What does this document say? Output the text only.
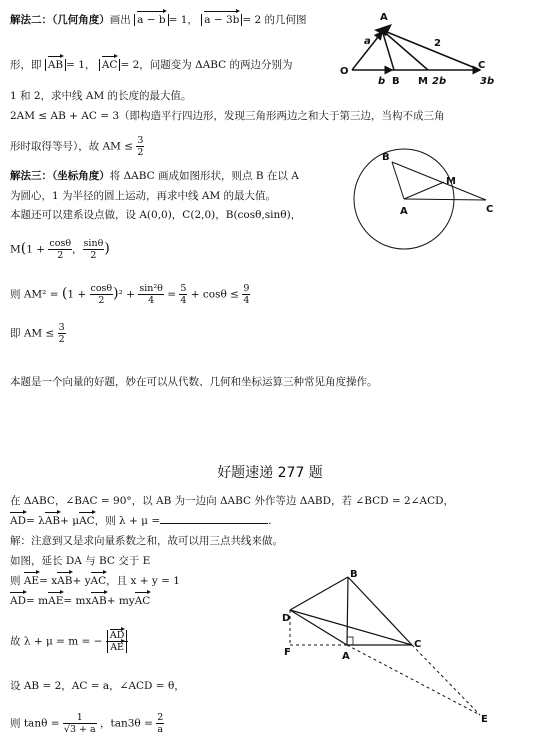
解法二：（几何角度）画出 a − b = 1， a − 3b = 2 的几何图
形，即 AB = 1， AC = 2，问题变为 ΔABC 的两边分别为
1 和 2，求中线 AM 的长度的最大值。
2AM ≤ AB + AC = 3（即构造平行四边形，发现三角形两边之和大于第三边，当构不成三角
形时取得等号），故 AM ≤ $\frac{3}{2}$
解法三：（坐标角度）将 ΔABC 画成如图形状，则点 B 在以 A
为圆心，1 为半径的圆上运动，再求中线 AM 的最大值。
本题还可以建系设点做，设 A(0,0)，C(2,0)，B(cosθ,sinθ)，
$M(1 + \frac{\cos\theta}{2}$ ， $\frac{\sin\theta}{2}$ )
则 $AM^2 = (1 + \frac{\cos\theta}{2} )^2 + \frac{\text{sin²θ}}{4} = \frac{5}{4} + \cos\theta \le \frac{9}{4}$
即 AM ≤ $\frac{3}{2}$
本题是一个向量的好题，妙在可以从代数、几何和坐标运算三种常见角度操作。
好题速递 277 题
在 ΔABC，∠BAC = 90°，以 AB 为一边向 ΔABC 外作等边 ΔABD，若 ∠BCD = 2∠ACD，
AD= λAB+ μAC，则 λ + μ =	.
解：注意到又是求向量系数之和，故可以用三点共线来做。
如图，延长 DA 与 BC 交于 E
则 AE= xAB+ yAC，且 x + y = 1
AD= mAE= mxAB+ myAC
故 λ + μ = m = − $\frac{AD}{AE}$
设 AB = 2，AC = a，∠ACD = θ，
则 $\tan\theta = \frac{1}{√3 + a}$ ，$\tan 3\theta = \frac{2}{a}$
A
a	2
O
b B M 2b
C
3b
B
M
A	C
B
D
F	A
C
E
